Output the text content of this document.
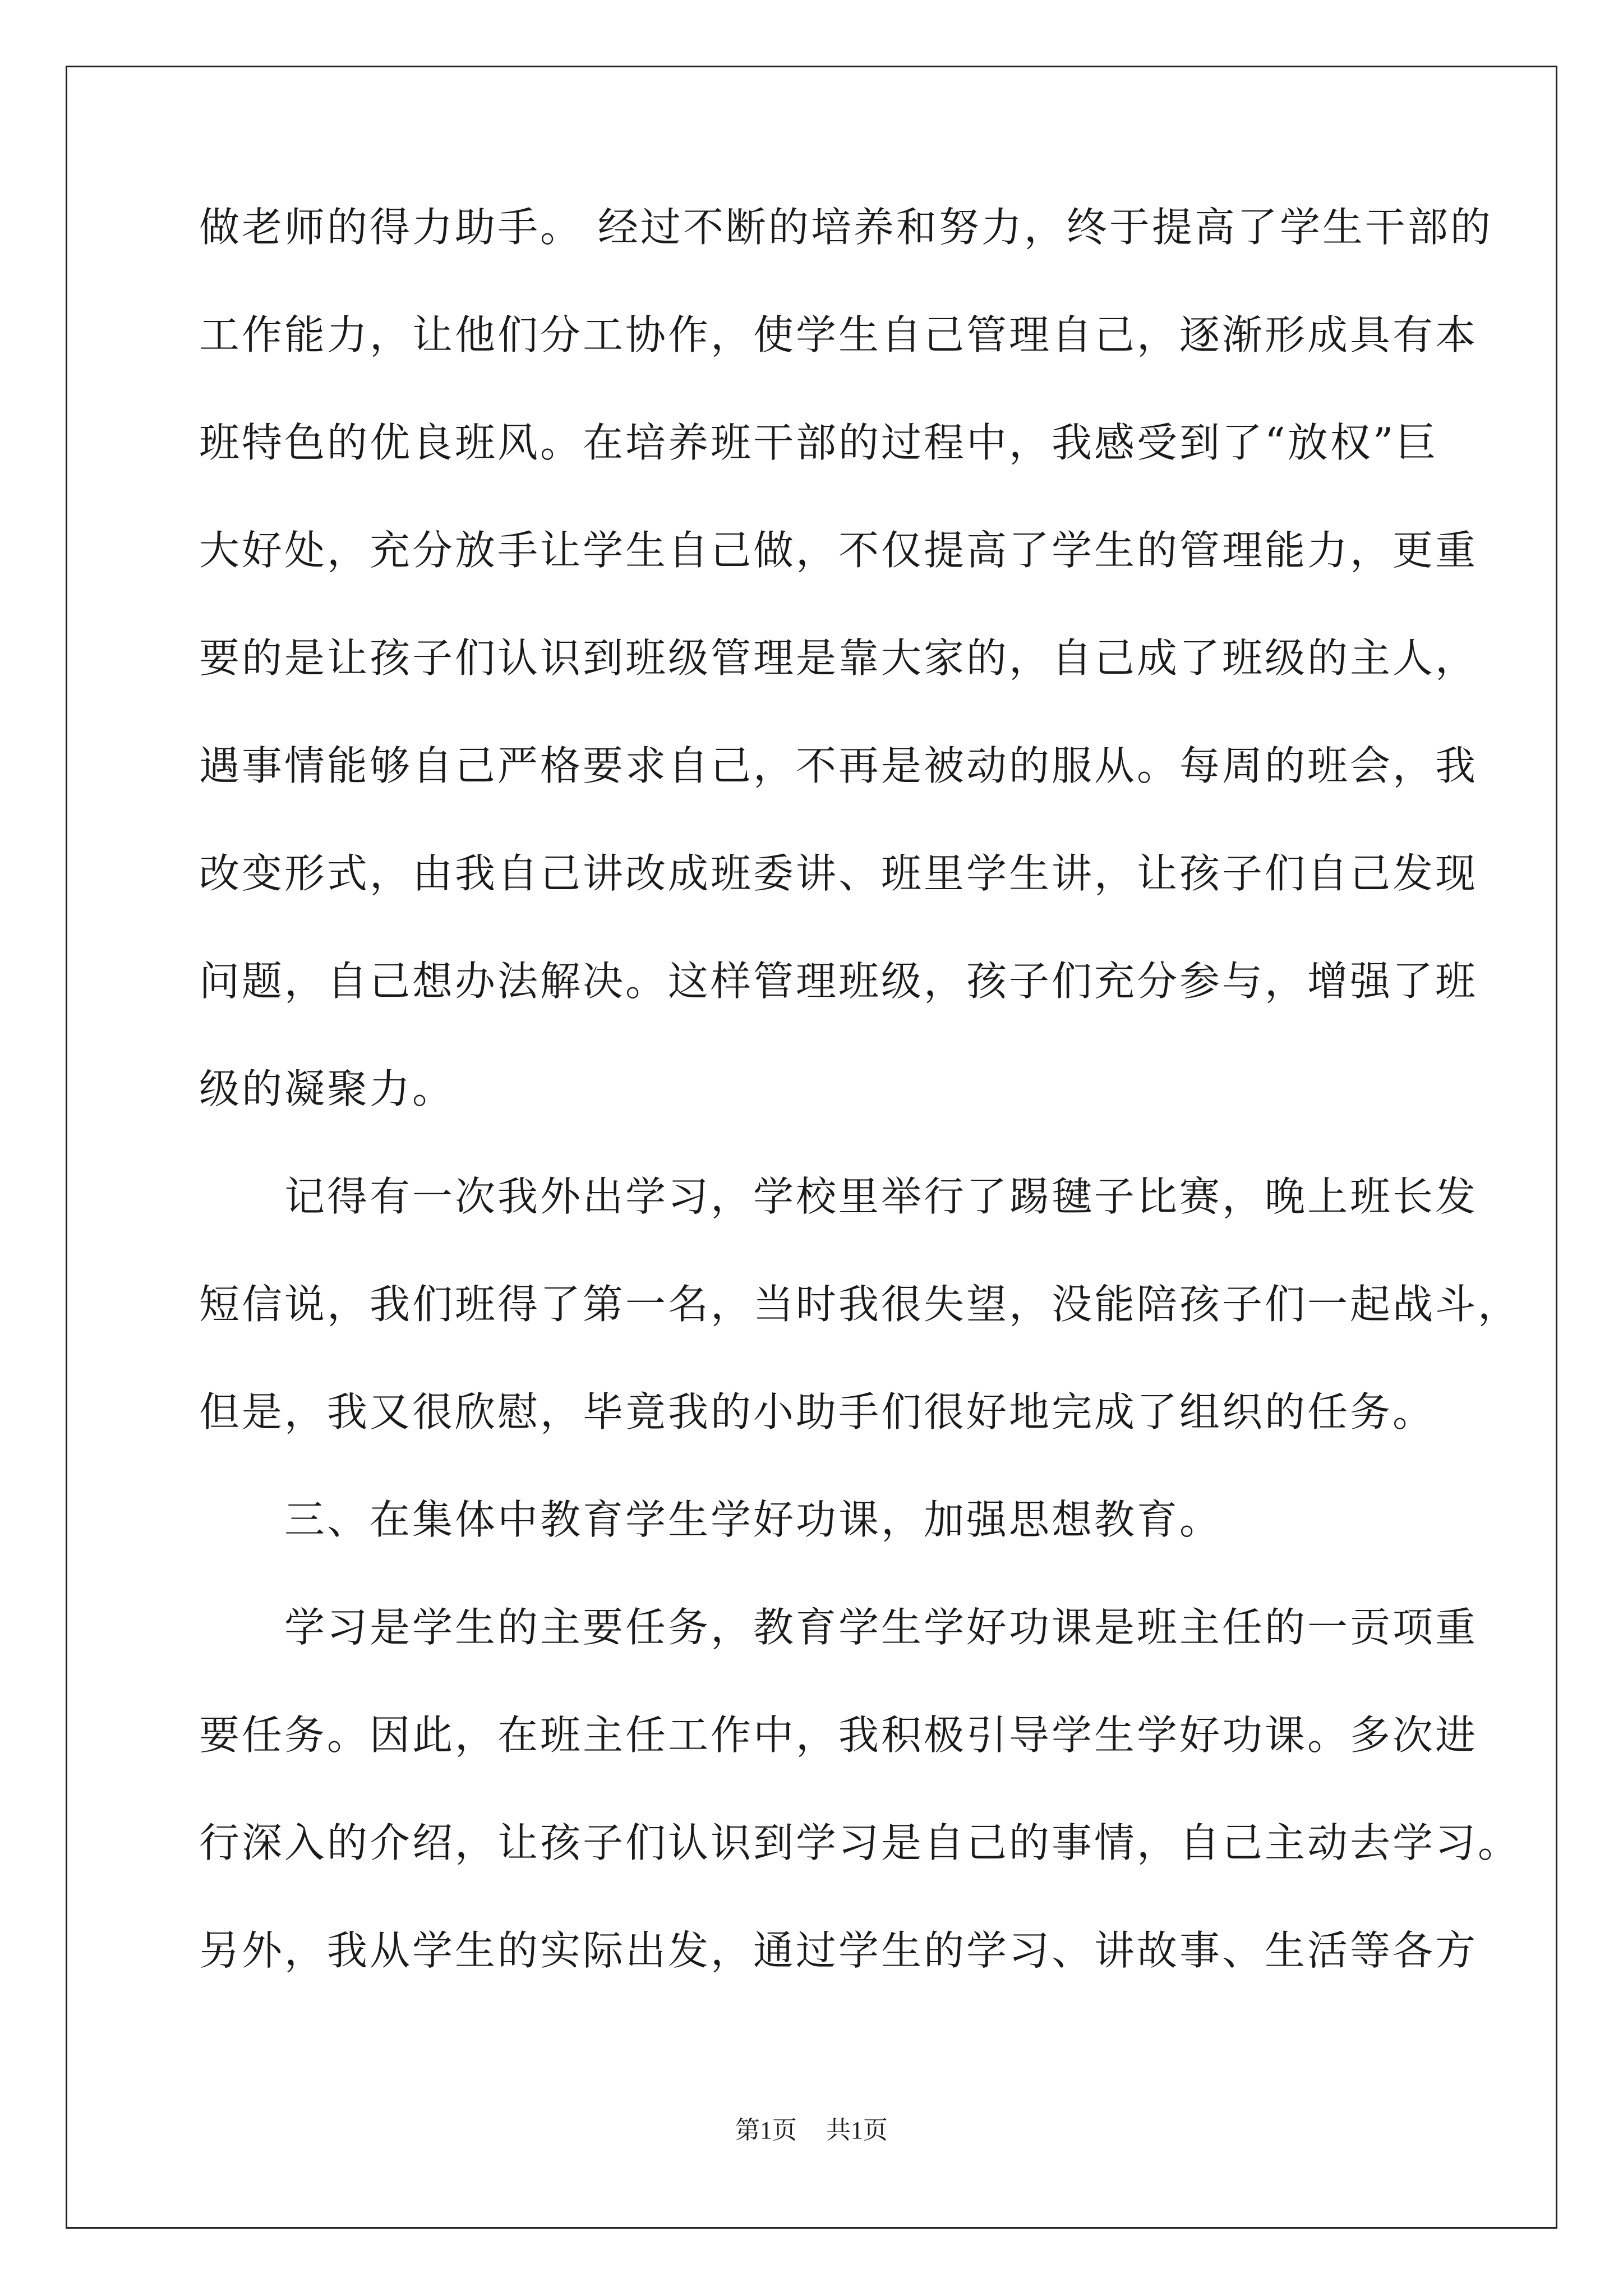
做老师的得力助手。 经过不断的培养和努力，终于提高了学生干部的
工作能力，让他们分工协作，使学生自己管理自己，逐渐形成具有本
班特色的优良班风。在培养班干部的过程中，我感受到了“放权”巨
大好处，充分放手让学生自己做，不仅提高了学生的管理能力，更重
要的是让孩子们认识到班级管理是靠大家的，自己成了班级的主人，
遇事情能够自己严格要求自己，不再是被动的服从。每周的班会，我
改变形式，由我自己讲改成班委讲、班里学生讲，让孩子们自己发现
问题，自己想办法解决。这样管理班级，孩子们充分参与，增强了班
级的凝聚力。
　　记得有一次我外出学习，学校里举行了踢毽子比赛，晚上班长发
短信说，我们班得了第一名，当时我很失望，没能陪孩子们一起战斗，
但是，我又很欣慰，毕竟我的小助手们很好地完成了组织的任务。
　　三、在集体中教育学生学好功课，加强思想教育。
　　学习是学生的主要任务，教育学生学好功课是班主任的一贡项重
要任务。因此，在班主任工作中，我积极引导学生学好功课。多次进
行深入的介绍，让孩子们认识到学习是自己的事情，自己主动去学习。
另外，我从学生的实际出发，通过学生的学习、讲故事、生活等各方
第1页 共1页
